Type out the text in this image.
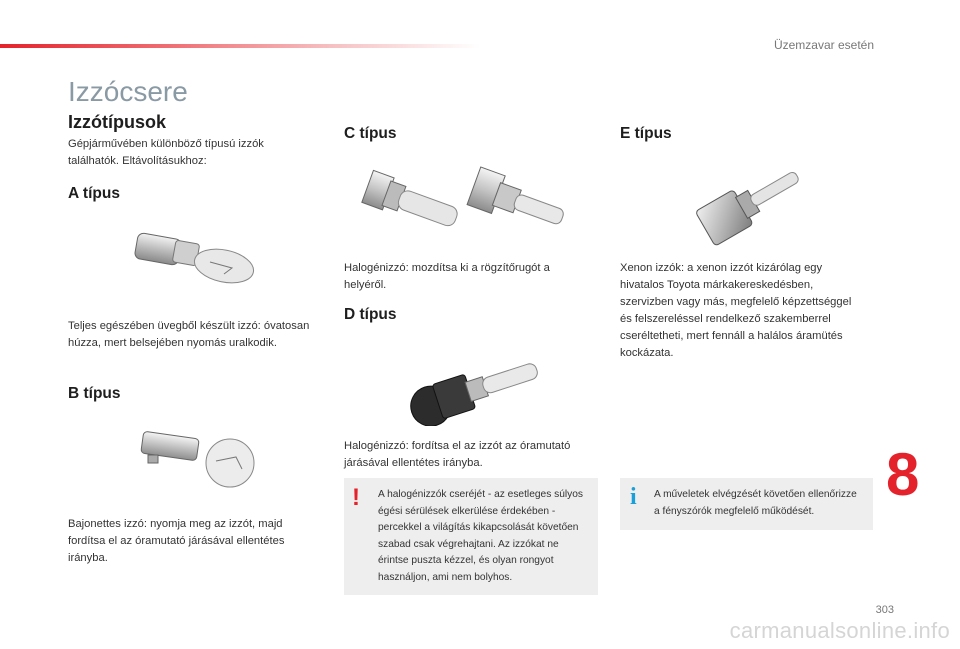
Üzemzavar esetén
Izzócsere
Izzótípusok
Gépjárművében különböző típusú izzók
találhatók. Eltávolításukhoz:
A típus
Teljes egészében üvegből készült izzó: óvatosan
húzza, mert belsejében nyomás uralkodik.
B típus
Bajonettes izzó: nyomja meg az izzót, majd
fordítsa el az óramutató járásával ellentétes
irányba.
C típus
Halogénizzó: mozdítsa ki a rögzítőrugót a
helyéről.
D típus
Halogénizzó: fordítsa el az izzót az óramutató
járásával ellentétes irányba.
! A halogénizzók cseréjét - az esetleges súlyos
égési sérülések elkerülése érdekében -
percekkel a világítás kikapcsolását követően
szabad csak végrehajtani. Az izzókat ne
érintse puszta kézzel, és olyan rongyot
használjon, ami nem bolyhos.
E típus
Xenon izzók: a xenon izzót kizárólag egy
hivatalos Toyota márkakereskedésben,
szervizben vagy más, megfelelő képzettséggel
és felszereléssel rendelkező szakemberrel
cseréltetheti, mert fennáll a halálos áramütés
kockázata.
i A műveletek elvégzését követően ellenőrizze
a fényszórók megfelelő működését.
8
303
carmanualsonline.info
